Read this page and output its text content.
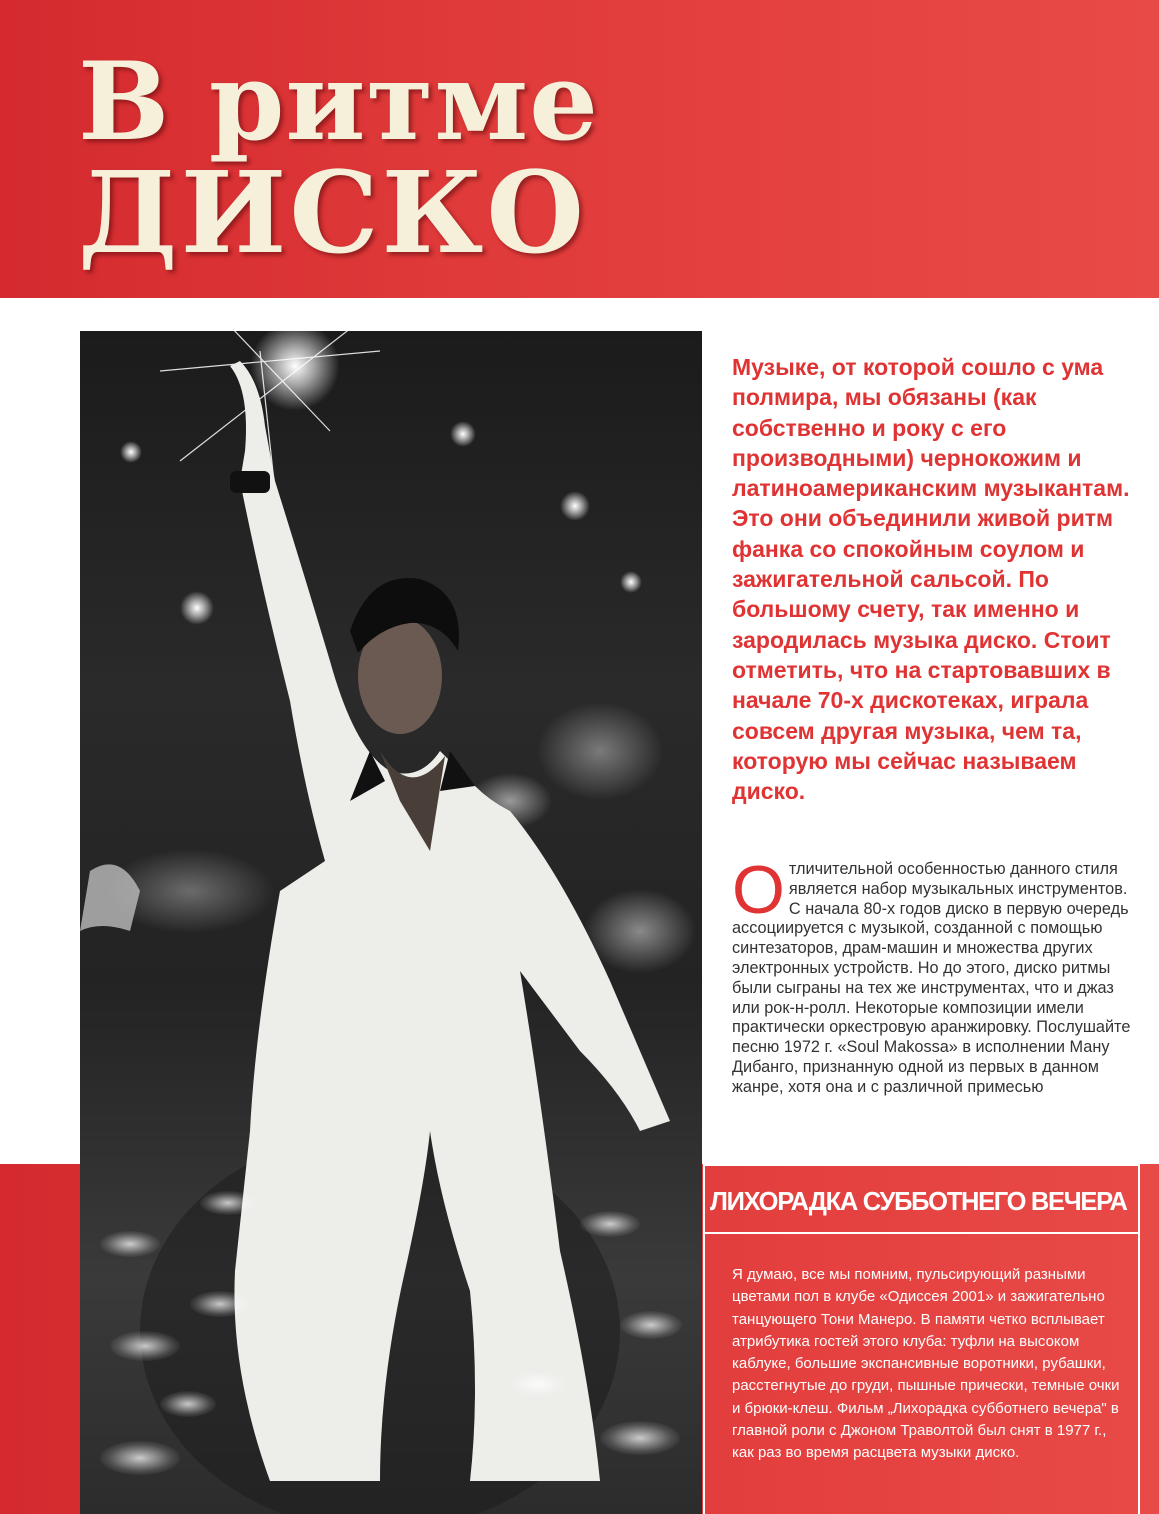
В ритме
ДИСКО

Музыке, от которой сошло с ума полмира, мы обязаны (как собственно и року с его производными) чернокожим и латиноамериканским музыкантам. Это они объединили живой ритм фанка со спокойным соулом и зажигательной сальсой. По большому счету, так именно и зародилась музыка диско. Стоит отметить, что на стартовавших в начале 70-х дискотеках, играла совсем другая музыка, чем та, которую мы сейчас называем диско.

Отличительной особенностью данного стиля является набор музыкальных инструментов. С начала 80-х годов диско в первую очередь ассоциируется с музыкой, созданной с помощью синтезаторов, драм-машин и множества других электронных устройств. Но до этого, диско ритмы были сыграны на тех же инструментах, что и джаз или рок-н-ролл. Некоторые композиции имели практически оркестровую аранжировку. Послушайте песню 1972 г. «Soul Makossa» в исполнении Ману Дибанго, признанную одной из первых в данном жанре, хотя она и с различной примесью

ЛИХОРАДКА СУББОТНЕГО ВЕЧЕРА

Я думаю, все мы помним, пульсирующий разными цветами пол в клубе «Одиссея 2001» и зажигательно танцующего Тони Манеро. В памяти четко всплывает атрибутика гостей этого клуба: туфли на высоком каблуке, большие экспансивные воротники, рубашки, расстегнутые до груди, пышные прически, темные очки и брюки-клеш. Фильм „Лихорадка субботнего вечера" в главной роли с Джоном Траволтой был снят в 1977 г., как раз во время расцвета музыки диско.
